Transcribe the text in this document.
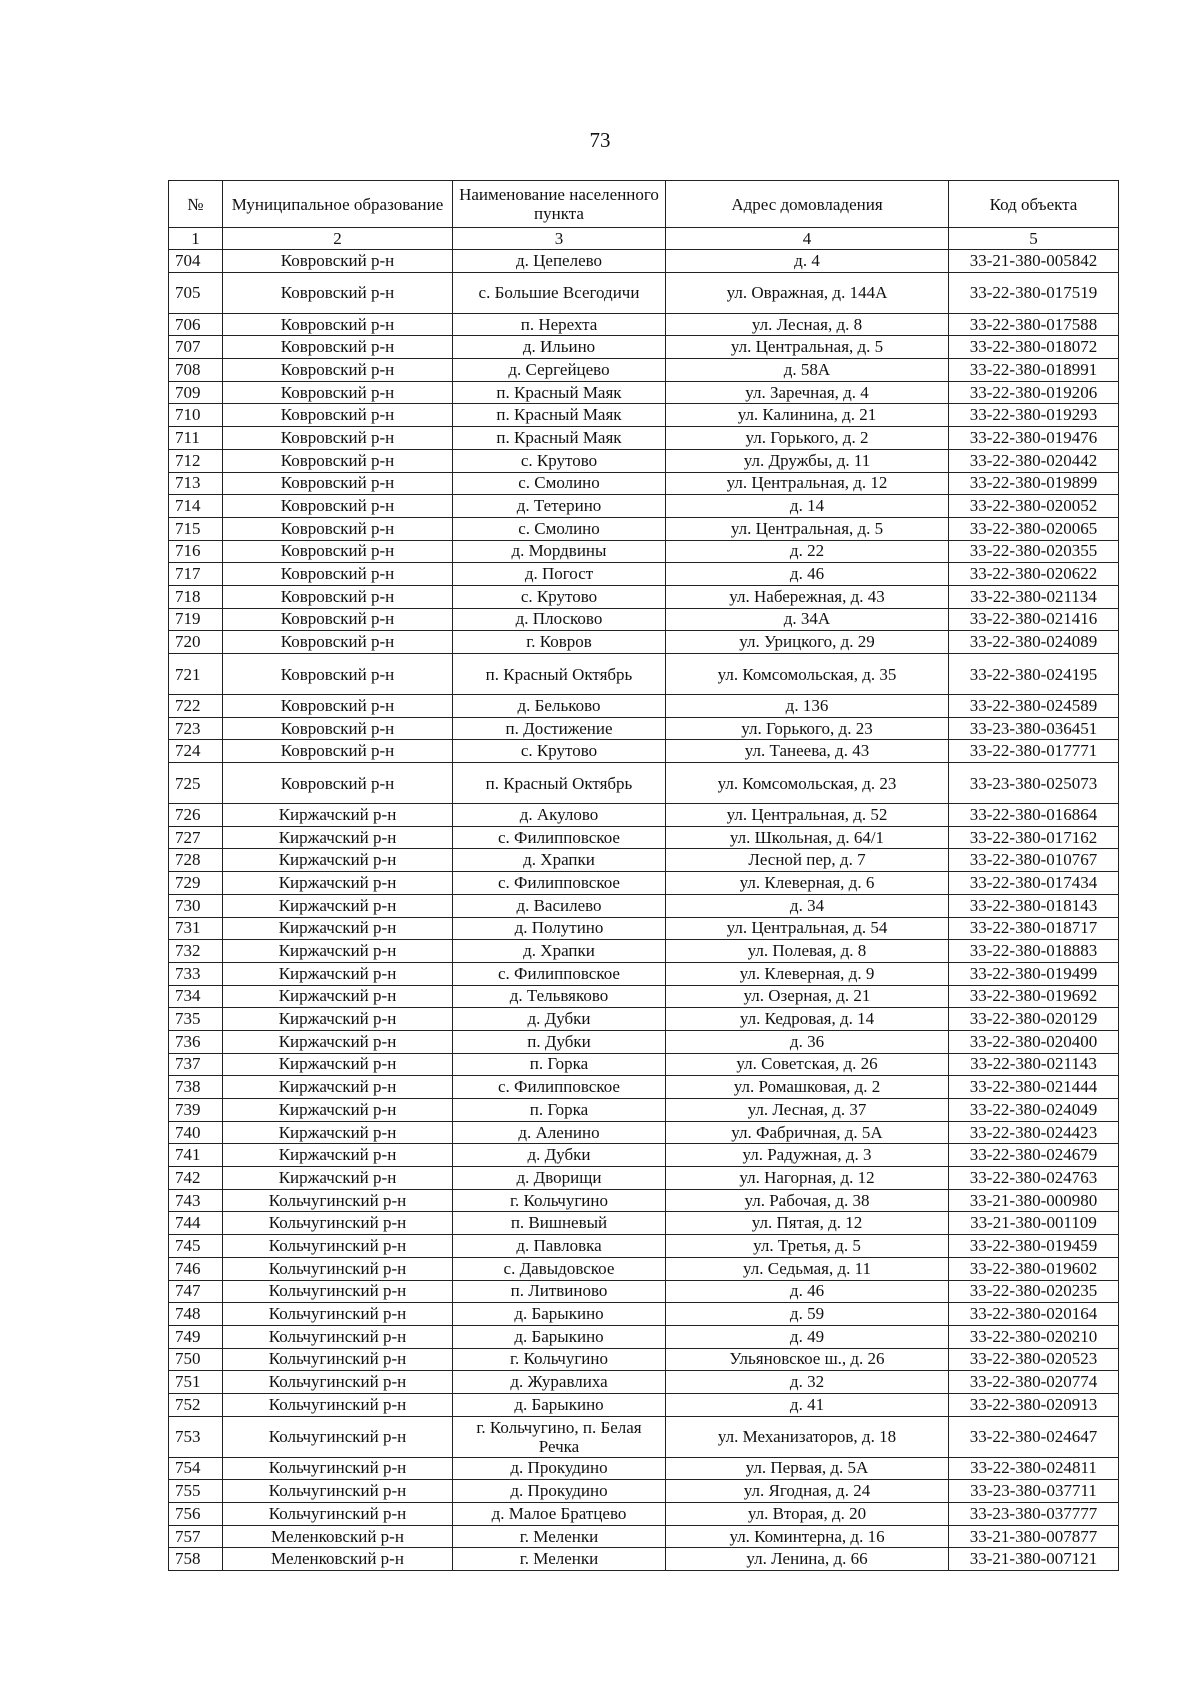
73
№	Муниципальное образование	Наименование населенного пункта	Адрес домовладения	Код объекта
1	2	3	4	5
704	Ковровский р-н	д. Цепелево	д. 4	33-21-380-005842
705	Ковровский р-н	с. Большие Всегодичи	ул. Овражная, д. 144А	33-22-380-017519
706	Ковровский р-н	п. Нерехта	ул. Лесная, д. 8	33-22-380-017588
707	Ковровский р-н	д. Ильино	ул. Центральная, д. 5	33-22-380-018072
708	Ковровский р-н	д. Сергейцево	д. 58А	33-22-380-018991
709	Ковровский р-н	п. Красный Маяк	ул. Заречная, д. 4	33-22-380-019206
710	Ковровский р-н	п. Красный Маяк	ул. Калинина, д. 21	33-22-380-019293
711	Ковровский р-н	п. Красный Маяк	ул. Горького, д. 2	33-22-380-019476
712	Ковровский р-н	с. Крутово	ул. Дружбы, д. 11	33-22-380-020442
713	Ковровский р-н	с. Смолино	ул. Центральная, д. 12	33-22-380-019899
714	Ковровский р-н	д. Тетерино	д. 14	33-22-380-020052
715	Ковровский р-н	с. Смолино	ул. Центральная, д. 5	33-22-380-020065
716	Ковровский р-н	д. Мордвины	д. 22	33-22-380-020355
717	Ковровский р-н	д. Погост	д. 46	33-22-380-020622
718	Ковровский р-н	с. Крутово	ул. Набережная, д. 43	33-22-380-021134
719	Ковровский р-н	д. Плосково	д. 34А	33-22-380-021416
720	Ковровский р-н	г. Ковров	ул. Урицкого, д. 29	33-22-380-024089
721	Ковровский р-н	п. Красный Октябрь	ул. Комсомольская, д. 35	33-22-380-024195
722	Ковровский р-н	д. Бельково	д. 136	33-22-380-024589
723	Ковровский р-н	п. Достижение	ул. Горького, д. 23	33-23-380-036451
724	Ковровский р-н	с. Крутово	ул. Танеева, д. 43	33-22-380-017771
725	Ковровский р-н	п. Красный Октябрь	ул. Комсомольская, д. 23	33-23-380-025073
726	Киржачский р-н	д. Акулово	ул. Центральная, д. 52	33-22-380-016864
727	Киржачский р-н	с. Филипповское	ул. Школьная, д. 64/1	33-22-380-017162
728	Киржачский р-н	д. Храпки	Лесной пер, д. 7	33-22-380-010767
729	Киржачский р-н	с. Филипповское	ул. Клеверная, д. 6	33-22-380-017434
730	Киржачский р-н	д. Василево	д. 34	33-22-380-018143
731	Киржачский р-н	д. Полутино	ул. Центральная, д. 54	33-22-380-018717
732	Киржачский р-н	д. Храпки	ул. Полевая, д. 8	33-22-380-018883
733	Киржачский р-н	с. Филипповское	ул. Клеверная, д. 9	33-22-380-019499
734	Киржачский р-н	д. Тельвяково	ул. Озерная, д. 21	33-22-380-019692
735	Киржачский р-н	д. Дубки	ул. Кедровая, д. 14	33-22-380-020129
736	Киржачский р-н	п. Дубки	д. 36	33-22-380-020400
737	Киржачский р-н	п. Горка	ул. Советская, д. 26	33-22-380-021143
738	Киржачский р-н	с. Филипповское	ул. Ромашковая, д. 2	33-22-380-021444
739	Киржачский р-н	п. Горка	ул. Лесная, д. 37	33-22-380-024049
740	Киржачский р-н	д. Аленино	ул. Фабричная, д. 5А	33-22-380-024423
741	Киржачский р-н	д. Дубки	ул. Радужная, д. 3	33-22-380-024679
742	Киржачский р-н	д. Дворищи	ул. Нагорная, д. 12	33-22-380-024763
743	Кольчугинский р-н	г. Кольчугино	ул. Рабочая, д. 38	33-21-380-000980
744	Кольчугинский р-н	п. Вишневый	ул. Пятая, д. 12	33-21-380-001109
745	Кольчугинский р-н	д. Павловка	ул. Третья, д. 5	33-22-380-019459
746	Кольчугинский р-н	с. Давыдовское	ул. Седьмая, д. 11	33-22-380-019602
747	Кольчугинский р-н	п. Литвиново	д. 46	33-22-380-020235
748	Кольчугинский р-н	д. Барыкино	д. 59	33-22-380-020164
749	Кольчугинский р-н	д. Барыкино	д. 49	33-22-380-020210
750	Кольчугинский р-н	г. Кольчугино	Ульяновское ш., д. 26	33-22-380-020523
751	Кольчугинский р-н	д. Журавлиха	д. 32	33-22-380-020774
752	Кольчугинский р-н	д. Барыкино	д. 41	33-22-380-020913
753	Кольчугинский р-н	г. Кольчугино, п. Белая Речка	ул. Механизаторов, д. 18	33-22-380-024647
754	Кольчугинский р-н	д. Прокудино	ул. Первая, д. 5А	33-22-380-024811
755	Кольчугинский р-н	д. Прокудино	ул. Ягодная, д. 24	33-23-380-037711
756	Кольчугинский р-н	д. Малое Братцево	ул. Вторая, д. 20	33-23-380-037777
757	Меленковский р-н	г. Меленки	ул. Коминтерна, д. 16	33-21-380-007877
758	Меленковский р-н	г. Меленки	ул. Ленина, д. 66	33-21-380-007121
